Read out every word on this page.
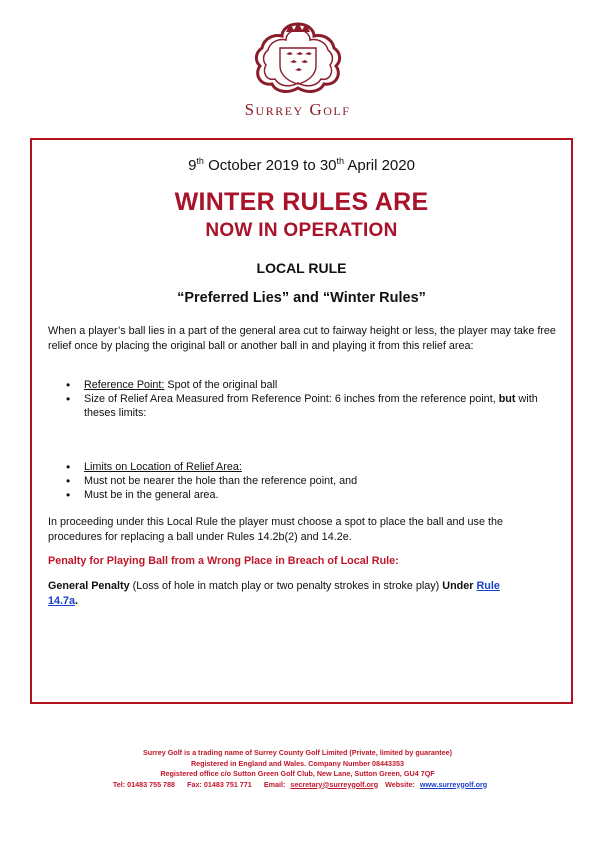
Surrey Golf
9th October 2019 to 30th April 2020
WINTER RULES ARE
NOW IN OPERATION
LOCAL RULE
“Preferred Lies” and “Winter Rules”
When a player’s ball lies in a part of the general area cut to fairway height or less, the player may take free relief once by placing the original ball or another ball in and playing it from this relief area:
• Reference Point: Spot of the original ball
• Size of Relief Area Measured from Reference Point: 6 inches from the reference point, but with theses limits:
• Limits on Location of Relief Area:
• Must not be nearer the hole than the reference point, and
• Must be in the general area.
In proceeding under this Local Rule the player must choose a spot to place the ball and use the procedures for replacing a ball under Rules 14.2b(2) and 14.2e.
Penalty for Playing Ball from a Wrong Place in Breach of Local Rule:
General Penalty (Loss of hole in match play or two penalty strokes in stroke play) Under Rule
14.7a.
Surrey Golf is a trading name of Surrey County Golf Limited (Private, limited by guarantee)
Registered in England and Wales. Company Number 08443353
Registered office c/o Sutton Green Golf Club, New Lane, Sutton Green, GU4 7QF
Tel: 01483 755 788 Fax: 01483 751 771 Email: secretary@surreygolf.org Website: www.surreygolf.org
